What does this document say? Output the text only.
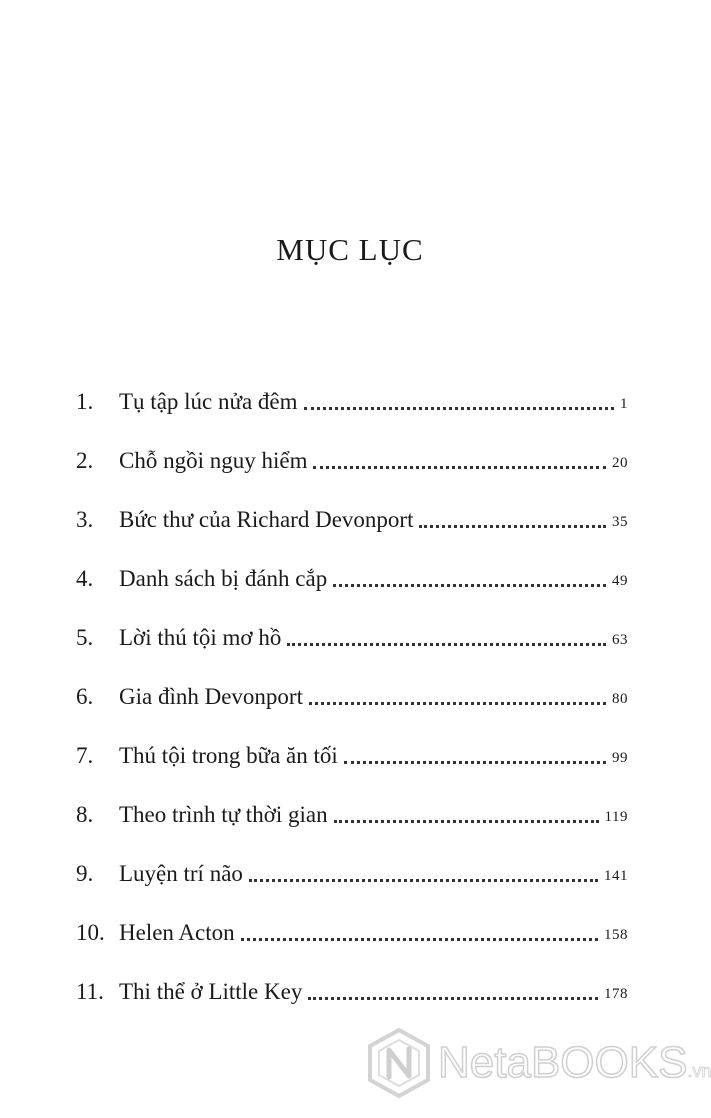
MỤC LỤC
1.	Tụ tập lúc nửa đêm	1
2.	Chỗ ngồi nguy hiểm	20
3.	Bức thư của Richard Devonport	35
4.	Danh sách bị đánh cắp	49
5.	Lời thú tội mơ hồ	63
6.	Gia đình Devonport	80
7.	Thú tội trong bữa ăn tối	99
8.	Theo trình tự thời gian	119
9.	Luyện trí não	141
10. Helen Acton	158
11. Thi thể ở Little Key	178
NetaBOOKS .vn
